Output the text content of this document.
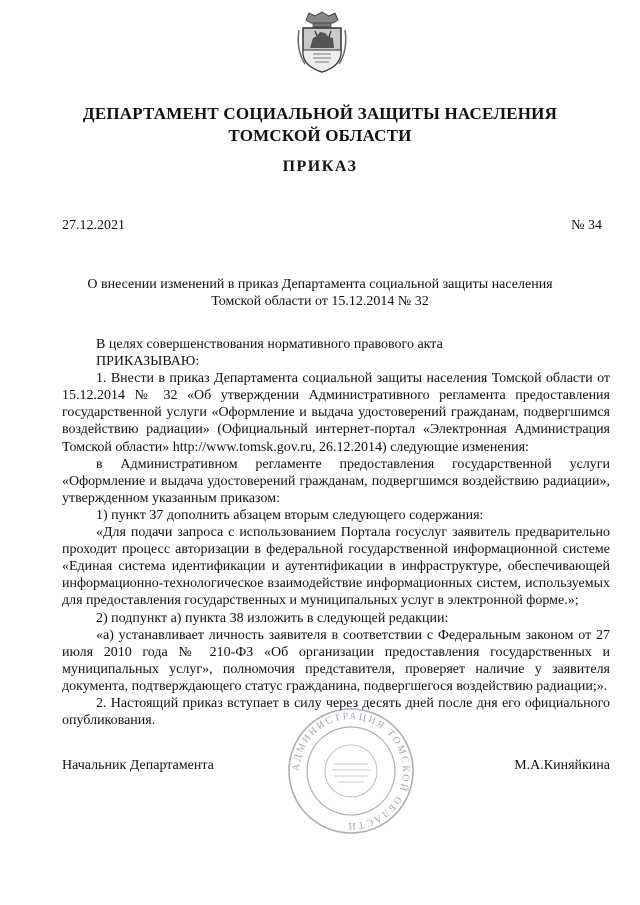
ДЕПАРТАМЕНТ СОЦИАЛЬНОЙ ЗАЩИТЫ НАСЕЛЕНИЯ
ТОМСКОЙ ОБЛАСТИ
ПРИКАЗ
27.12.2021	№ 34
О внесении изменений в приказ Департамента социальной защиты населения
Томской области от 15.12.2014 № 32

В целях совершенствования нормативного правового акта

ПРИКАЗЫВАЮ:

1. Внести в приказ Департамента социальной защиты населения Томской области от 15.12.2014 № 32 «Об утверждении Административного регламента предоставления государственной услуги «Оформление и выдача удостоверений гражданам, подвергшимся воздействию радиации» (Официальный интернет-портал «Электронная Администрация Томской области» http://www.tomsk.gov.ru, 26.12.2014) следующие изменения:

в Административном регламенте предоставления государственной услуги «Оформление и выдача удостоверений гражданам, подвергшимся воздействию радиации», утвержденном указанным приказом:

1) пункт 37 дополнить абзацем вторым следующего содержания:

«Для подачи запроса с использованием Портала госуслуг заявитель предварительно проходит процесс авторизации в федеральной государственной информационной системе «Единая система идентификации и аутентификации в инфраструктуре, обеспечивающей информационно-технологическое взаимодействие информационных систем, используемых для предоставления государственных и муниципальных услуг в электронной форме.»;

2) подпункт а) пункта 38 изложить в следующей редакции:

«а) устанавливает личность заявителя в соответствии с Федеральным законом от 27 июля 2010 года № 210-ФЗ «Об организации предоставления государственных и муниципальных услуг», полномочия представителя, проверяет наличие у заявителя документа, подтверждающего статус гражданина, подвергшегося воздействию радиации;».

2. Настоящий приказ вступает в силу через десять дней после дня его официального опубликования.

АДМИНИСТРАЦИЯ ТОМСКОЙ ОБЛАСТИ
Начальник Департамента	М.А.Киняйкина
